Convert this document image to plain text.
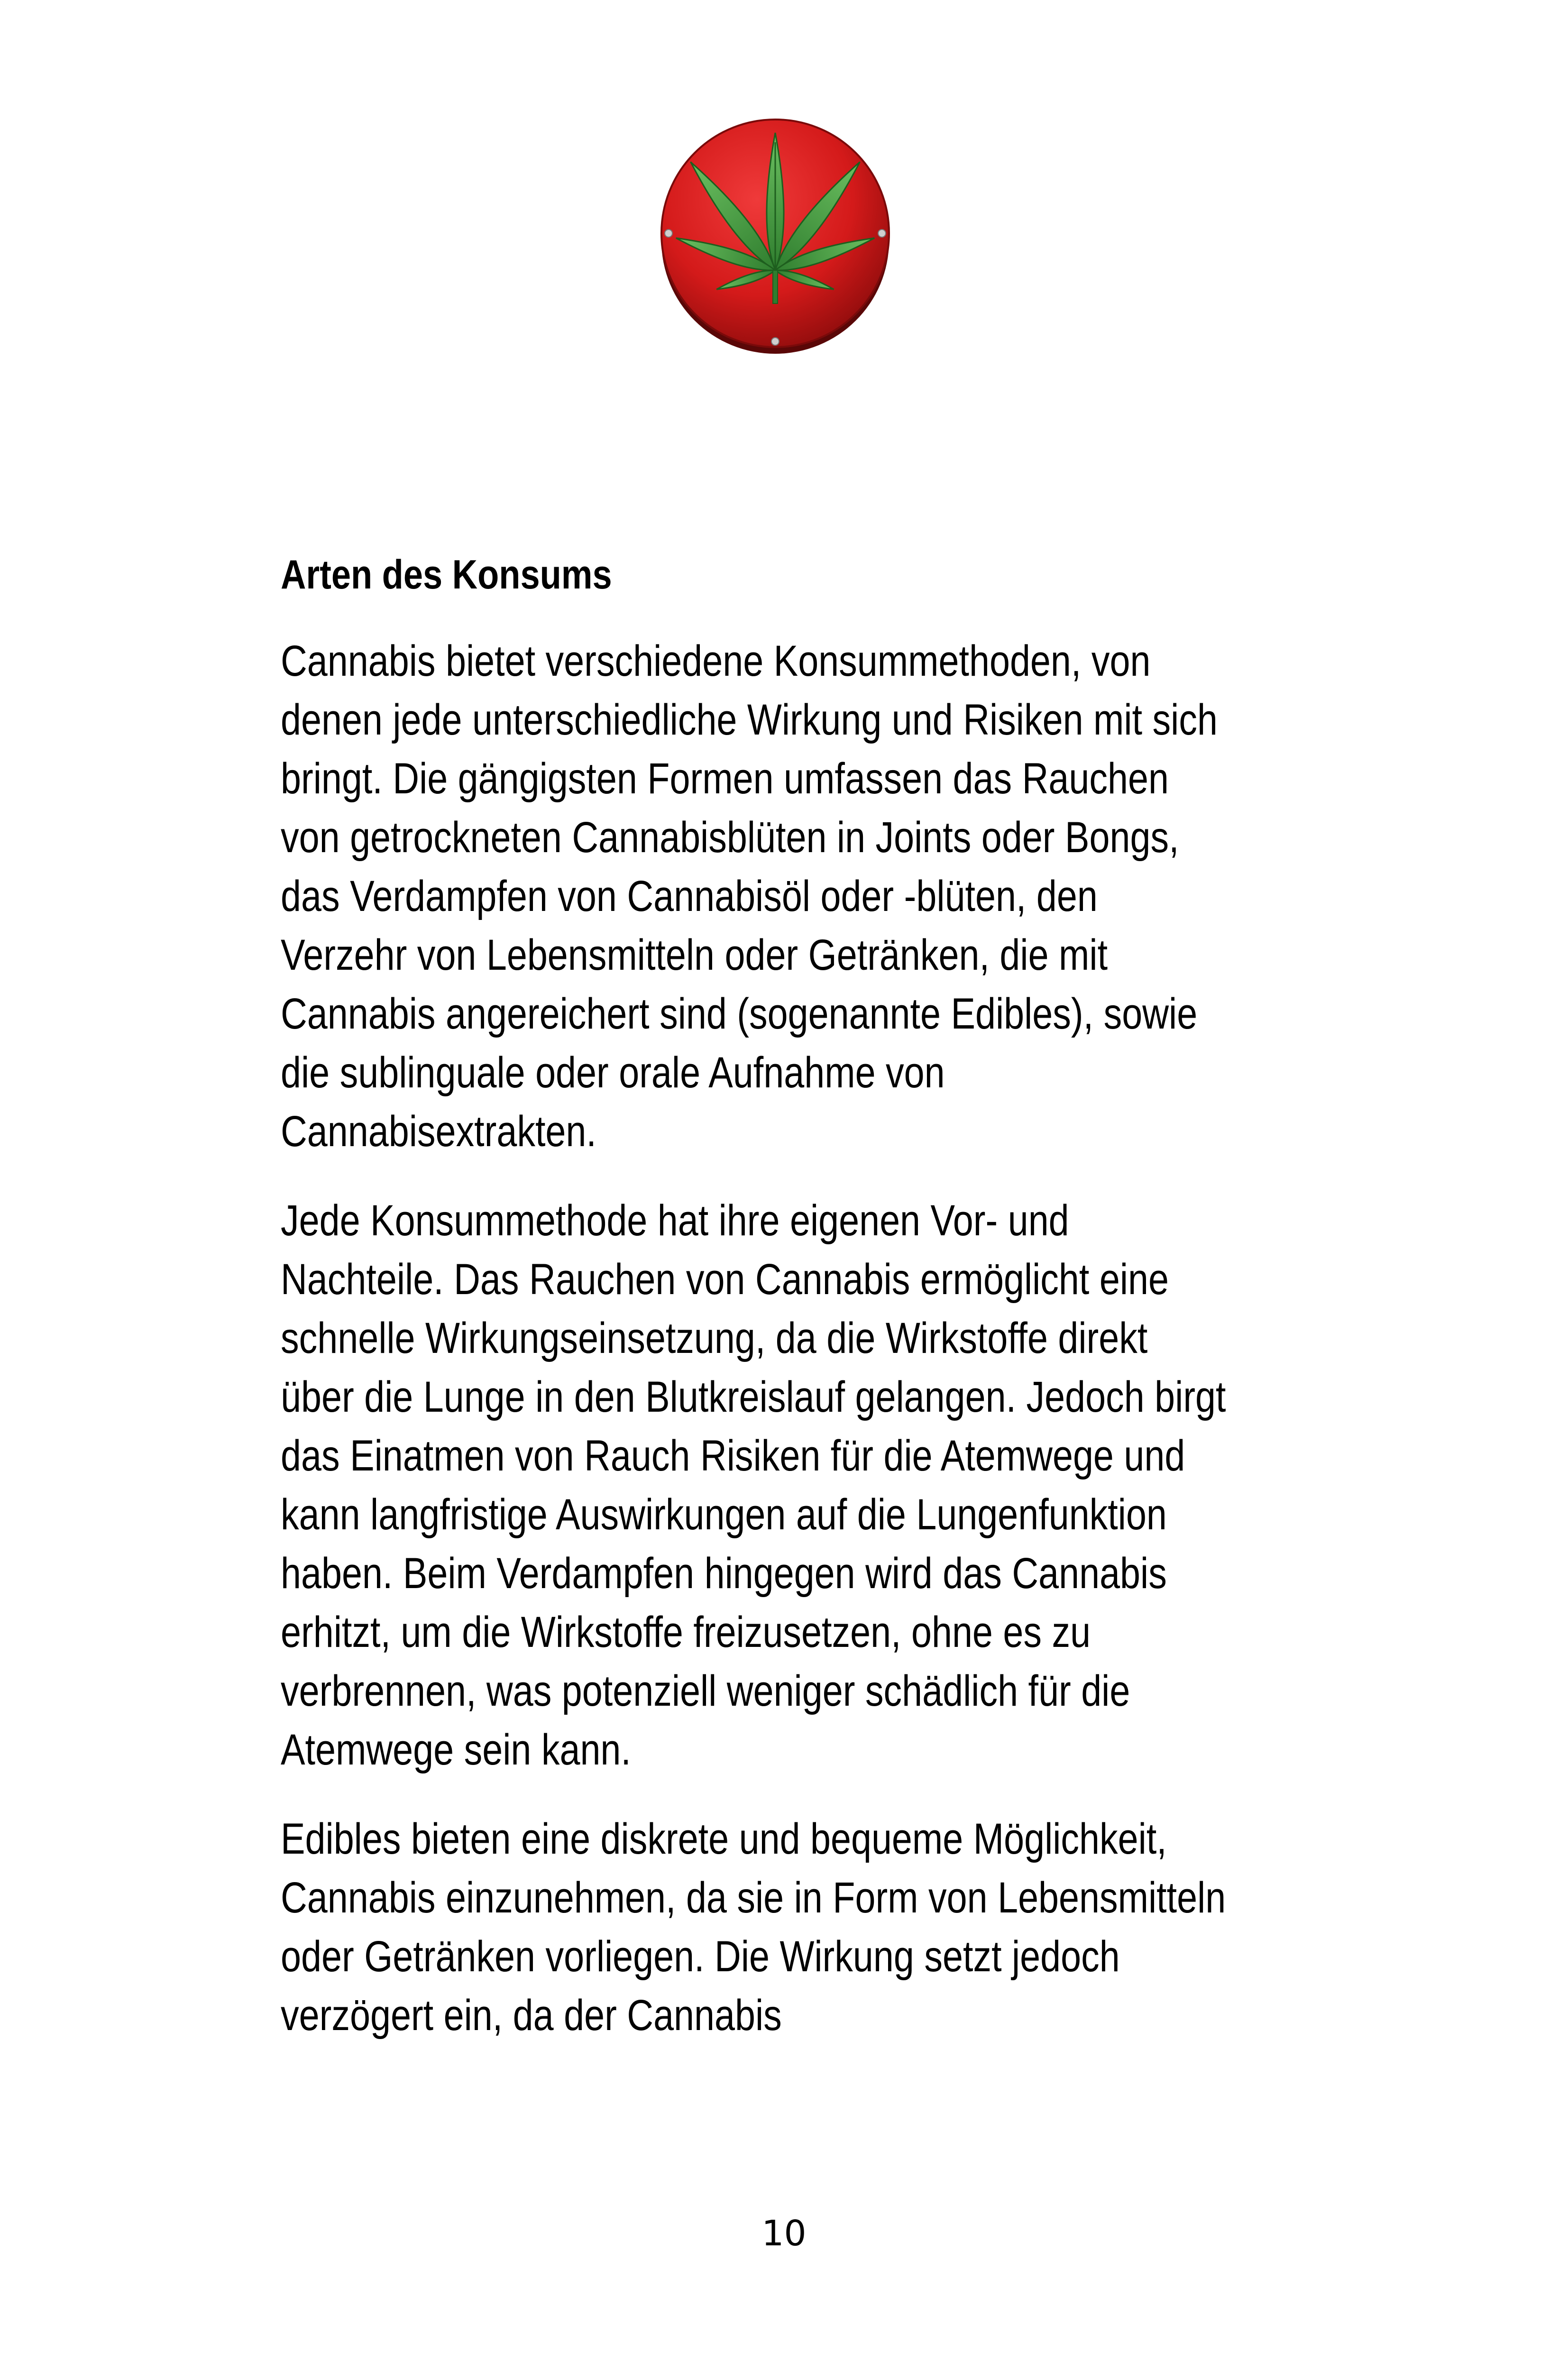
Arten des Konsums
Cannabis bietet verschiedene Konsummethoden, von
denen jede unterschiedliche Wirkung und Risiken mit sich
bringt. Die gängigsten Formen umfassen das Rauchen
von getrockneten Cannabisblüten in Joints oder Bongs,
das Verdampfen von Cannabisöl oder -blüten, den
Verzehr von Lebensmitteln oder Getränken, die mit
Cannabis angereichert sind (sogenannte Edibles), sowie
die sublinguale oder orale Aufnahme von
Cannabisextrakten.
Jede Konsummethode hat ihre eigenen Vor- und
Nachteile. Das Rauchen von Cannabis ermöglicht eine
schnelle Wirkungseinsetzung, da die Wirkstoffe direkt
über die Lunge in den Blutkreislauf gelangen. Jedoch birgt
das Einatmen von Rauch Risiken für die Atemwege und
kann langfristige Auswirkungen auf die Lungenfunktion
haben. Beim Verdampfen hingegen wird das Cannabis
erhitzt, um die Wirkstoffe freizusetzen, ohne es zu
verbrennen, was potenziell weniger schädlich für die
Atemwege sein kann.
Edibles bieten eine diskrete und bequeme Möglichkeit,
Cannabis einzunehmen, da sie in Form von Lebensmitteln
oder Getränken vorliegen. Die Wirkung setzt jedoch
verzögert ein, da der Cannabis
10
